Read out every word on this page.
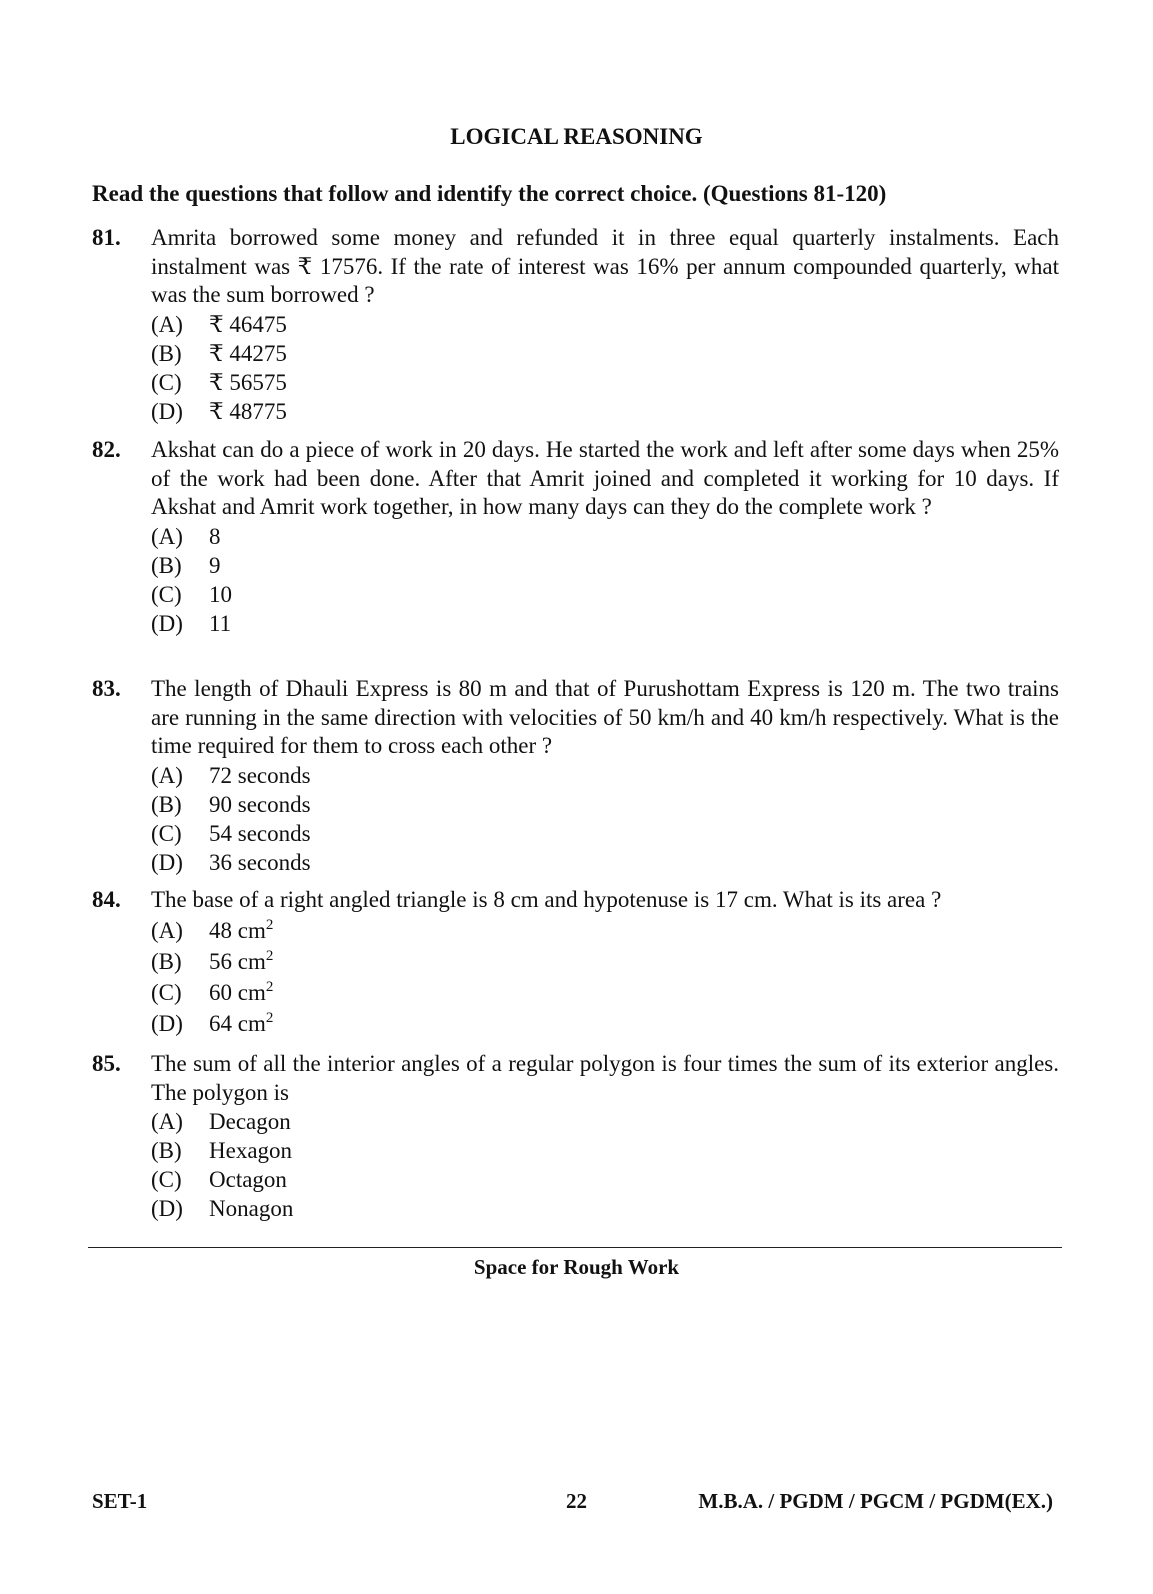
LOGICAL REASONING
Read the questions that follow and identify the correct choice. (Questions 81-120)
81. Amrita borrowed some money and refunded it in three equal quarterly instalments. Each instalment was ₹ 17576. If the rate of interest was 16% per annum compounded quarterly, what was the sum borrowed ?
(A) ₹ 46475
(B) ₹ 44275
(C) ₹ 56575
(D) ₹ 48775
82. Akshat can do a piece of work in 20 days. He started the work and left after some days when 25% of the work had been done. After that Amrit joined and completed it working for 10 days. If Akshat and Amrit work together, in how many days can they do the complete work ?
(A) 8
(B) 9
(C) 10
(D) 11
83. The length of Dhauli Express is 80 m and that of Purushottam Express is 120 m. The two trains are running in the same direction with velocities of 50 km/h and 40 km/h respectively. What is the time required for them to cross each other ?
(A) 72 seconds
(B) 90 seconds
(C) 54 seconds
(D) 36 seconds
84. The base of a right angled triangle is 8 cm and hypotenuse is 17 cm. What is its area ?
(A) 48 $cm^2$
(B) 56 $cm^2$
(C) 60 $cm^2$
(D) 64 $cm^2$
85. The sum of all the interior angles of a regular polygon is four times the sum of its exterior angles. The polygon is
(A) Decagon
(B) Hexagon
(C) Octagon
(D) Nonagon
Space for Rough Work
SET-1	22	M.B.A. / PGDM / PGCM / PGDM(EX.)
